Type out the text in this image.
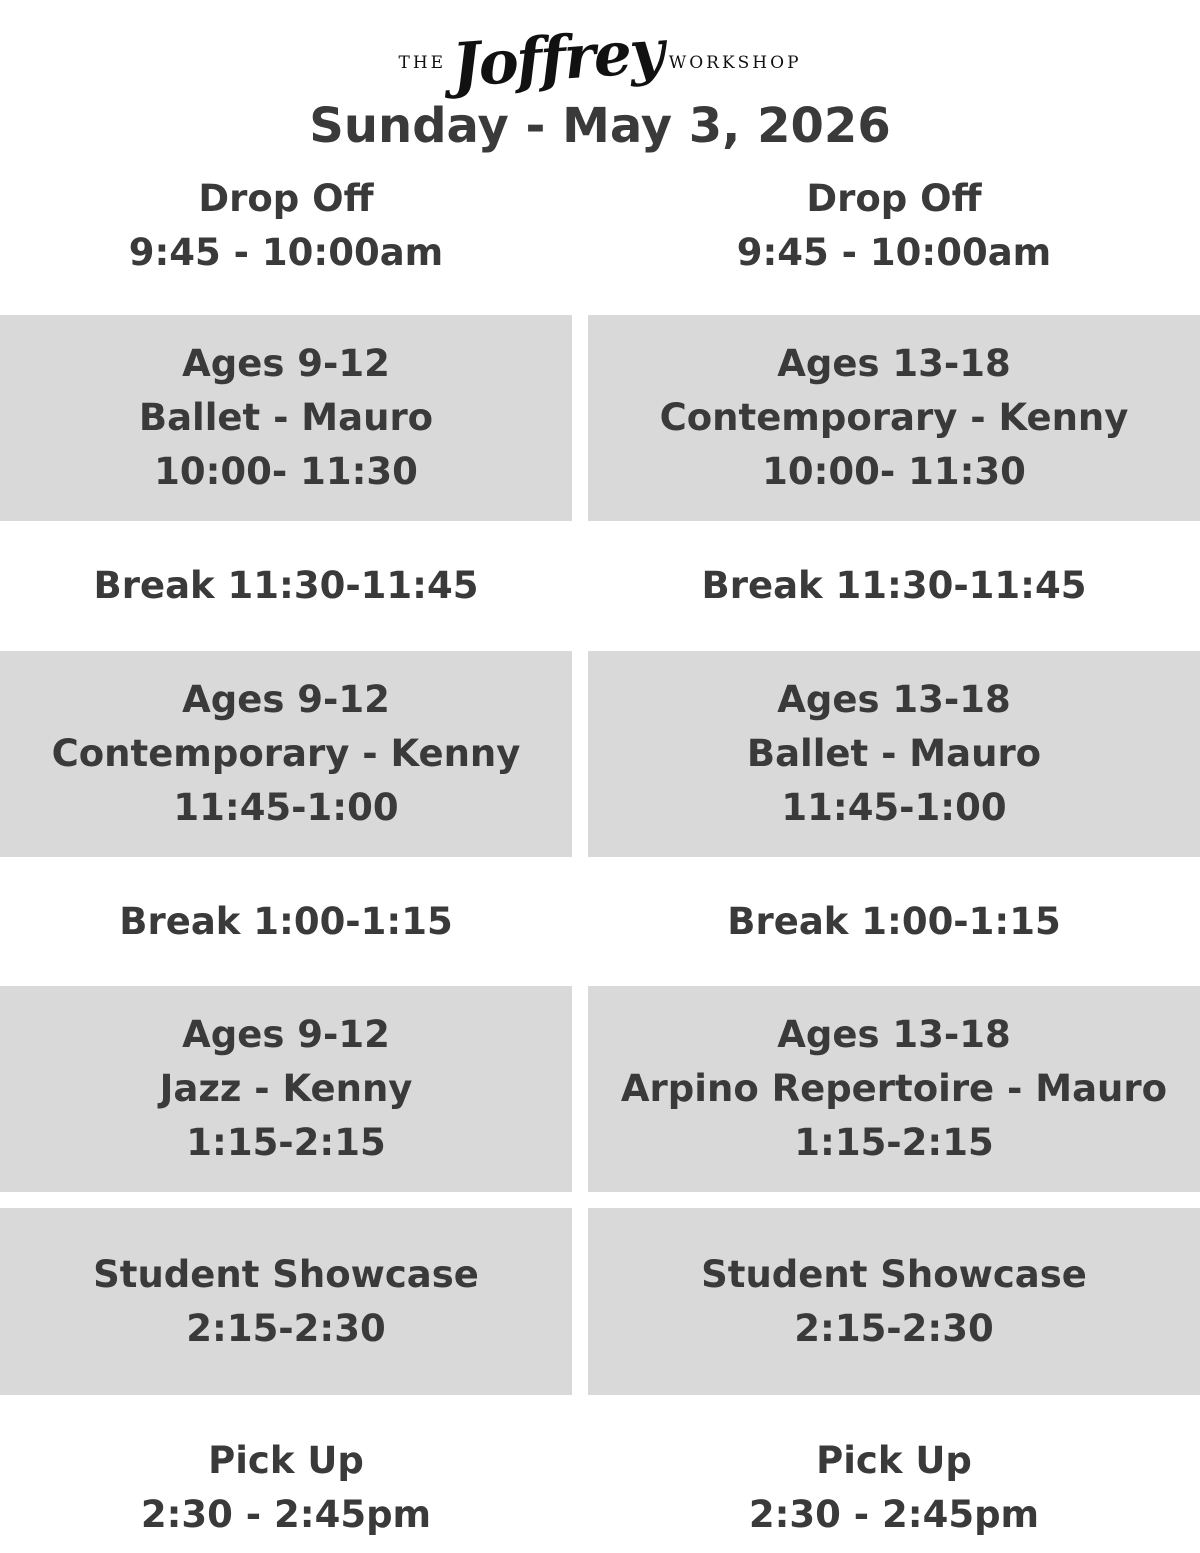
THE Joffrey WORKSHOP
Sunday - May 3, 2026
Drop Off
9:45 - 10:00am
Ages 9-12
Ballet - Mauro
10:00- 11:30
Break 11:30-11:45
Ages 9-12
Contemporary - Kenny
11:45-1:00
Break 1:00-1:15
Ages 9-12
Jazz - Kenny
1:15-2:15
Student Showcase
2:15-2:30
Pick Up
2:30 - 2:45pm
Drop Off
9:45 - 10:00am
Ages 13-18
Contemporary - Kenny
10:00- 11:30
Break 11:30-11:45
Ages 13-18
Ballet - Mauro
11:45-1:00
Break 1:00-1:15
Ages 13-18
Arpino Repertoire - Mauro
1:15-2:15
Student Showcase
2:15-2:30
Pick Up
2:30 - 2:45pm
